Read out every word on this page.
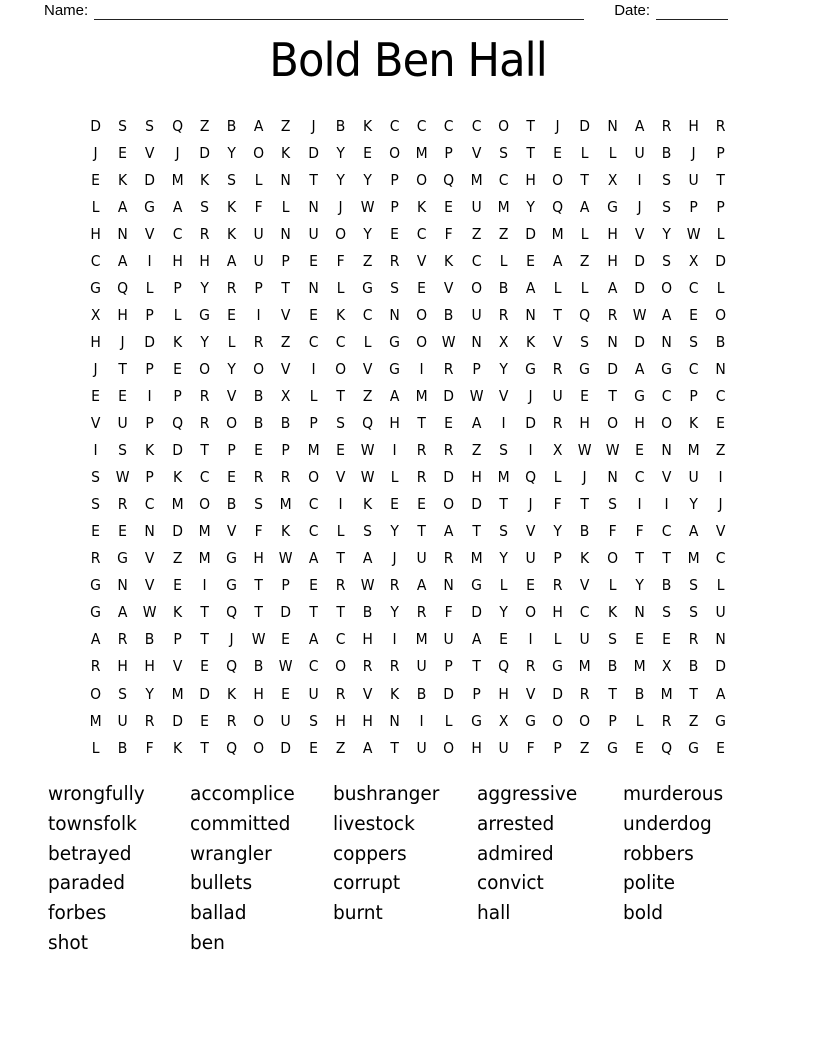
Name:	Date:
Bold Ben Hall
D	S	S	Q	Z	B	A	Z	J	B	K	C	C	C	C	O	T	J	D	N	A	R	H	R
J	E	V	J	D	Y	O	K	D	Y	E	O	M	P	V	S	T	E	L	L	U	B	J	P
E	K	D	M	K	S	L	N	T	Y	Y	P	O	Q	M	C	H	O	T	X	I	S	U	T
L	A	G	A	S	K	F	L	N	J	W	P	K	E	U	M	Y	Q	A	G	J	S	P	P
H	N	V	C	R	K	U	N	U	O	Y	E	C	F	Z	Z	D	M	L	H	V	Y	W	L
C	A	I	H	H	A	U	P	E	F	Z	R	V	K	C	L	E	A	Z	H	D	S	X	D
G	Q	L	P	Y	R	P	T	N	L	G	S	E	V	O	B	A	L	L	A	D	O	C	L
X	H	P	L	G	E	I	V	E	K	C	N	O	B	U	R	N	T	Q	R W	A	E	O
H	J	D	K	Y	L	R	Z	C	C	L	G	O W N	X	K	V	S	N	D	N	S	B
J	T	P	E	O	Y	O	V	I	O	V	G	I	R	P	Y	G	R	G	D	A	G	C	N
E	E	I	P	R	V	B	X	L	T	Z	A	M	D W	V	J	U	E	T	G	C	P	C
V	U	P	Q	R	O	B	B	P	S	Q	H	T	E	A	I	D	R	H	O	H	O	K	E
I	S	K	D	T	P	E	P	M	E	W	I	R	R	Z	S	I	X	W W	E	N	M	Z
S	W	P	K	C	E	R	R	O	V	W	L	R	D	H	M	Q	L	J	N	C	V	U	I
S	R	C	M	O	B	S	M	C	I	K	E	E	O	D	T	J	F	T	S	I	I	Y	J
E	E	N	D	M	V	F	K	C	L	S	Y	T	A	T	S	V	Y	B	F	F	C	A	V
R	G	V	Z	M	G	H W	A	T	A	J	U	R	M	Y	U	P	K	O	T	T	M	C
G	N	V	E	I	G	T	P	E	R W R	A	N	G	L	E	R	V	L	Y	B	S	L
G	A	W	K	T	Q	T	D	T	T	B	Y	R	F	D	Y	O	H	C	K	N	S	S	U
A	R	B	P	T	J	W	E	A	C	H	I	M	U	A	E	I	L	U	S	E	E	R	N
R	H	H	V	E	Q	B	W C	O	R	R	U	P	T	Q	R	G	M	B	M	X	B	D
O	S	Y	M	D	K	H	E	U	R	V	K	B	D	P	H	V	D	R	T	B	M	T	A
M	U	R	D	E	R	O	U	S	H	H	N	I	L	G	X	G	O	O	P	L	R	Z	G
L	B	F	K	T	Q	O	D	E	Z	A	T	U	O	H	U	F	P	Z	G	E	Q	G	E
wrongfully
townsfolk
betrayed
paraded
forbes
shot
accomplice
committed
wrangler
bullets
ballad
ben
bushranger
livestock
coppers
corrupt
burnt
aggressive
arrested
admired
convict
hall
murderous
underdog
robbers
polite
bold
